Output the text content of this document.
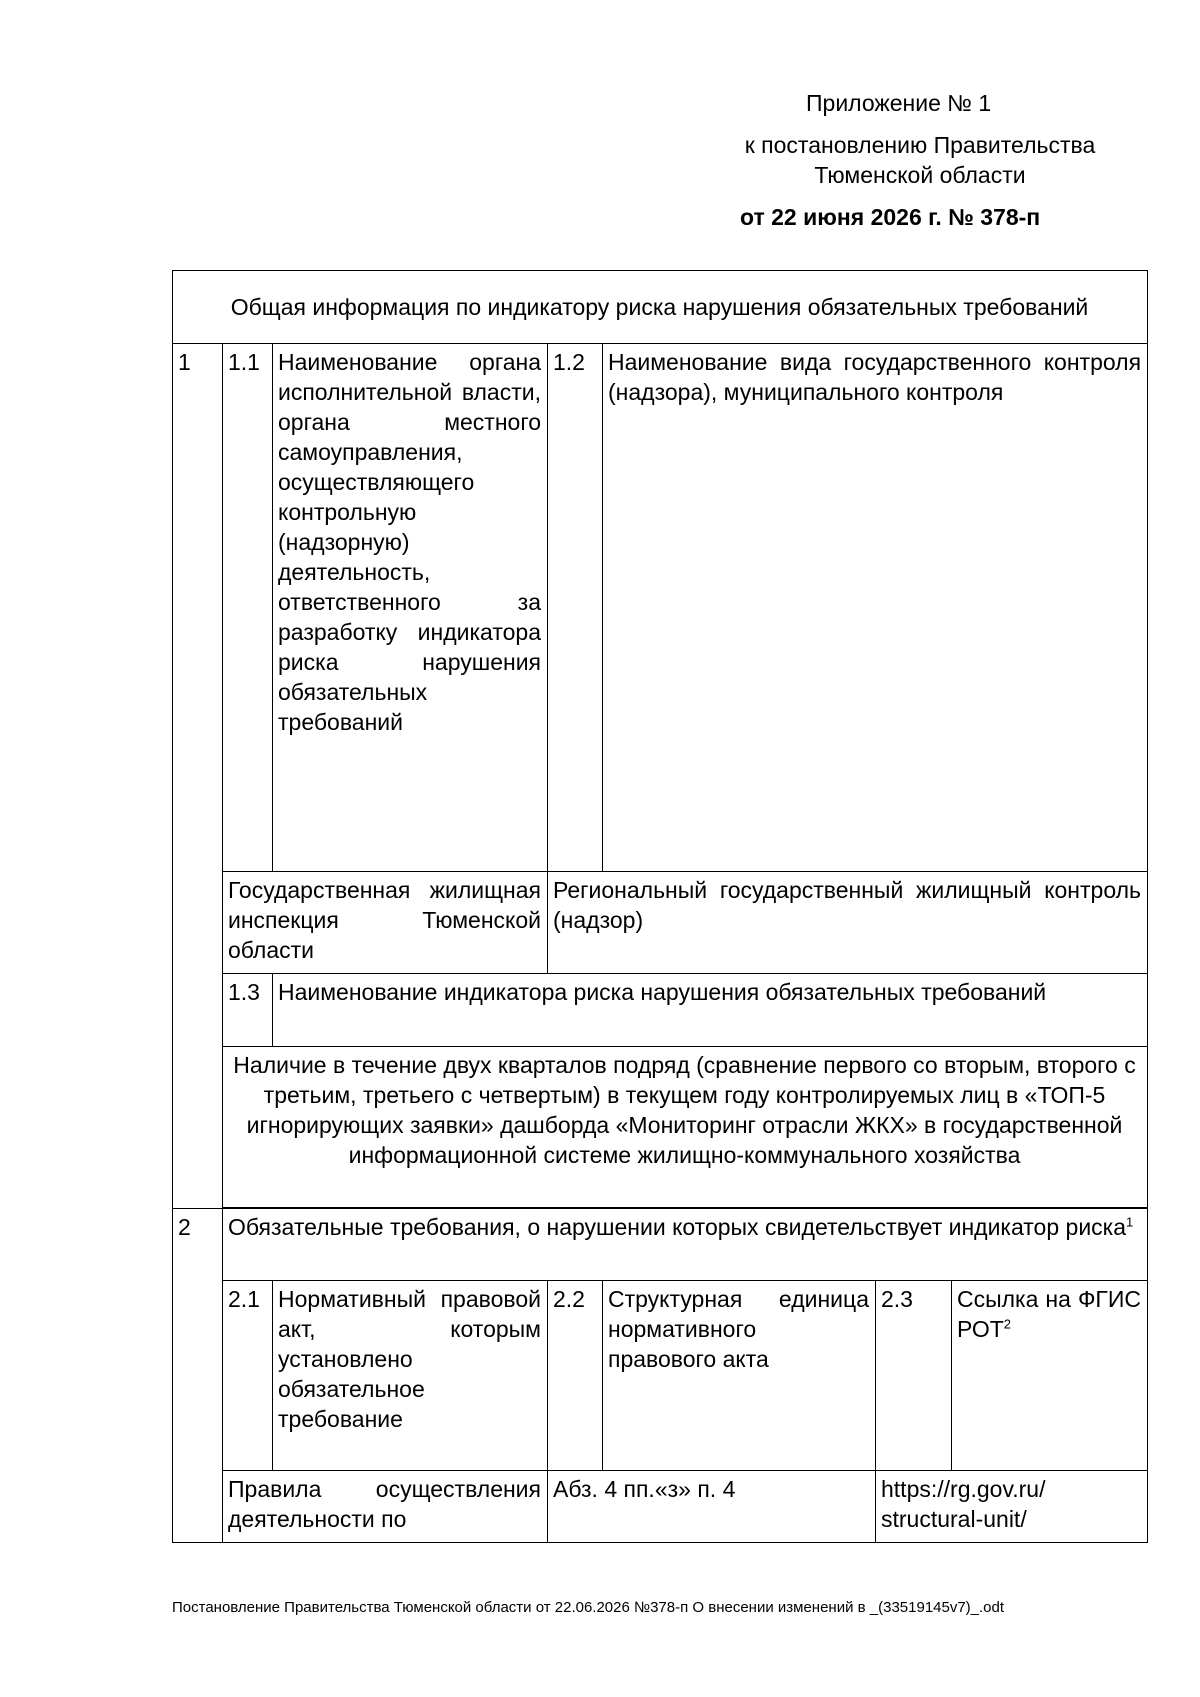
Приложение № 1
к постановлению Правительства
Тюменской области
от 22 июня 2026 г. № 378-п
Общая информация по индикатору риска нарушения обязательных требований						
1	1.1	Наименование органа исполнительной власти, органа местного самоуправления, осуществляющего контрольную (надзорную) деятельность, ответственного за разработку индикатора риска нарушения обязательных требований	1.2	Наименование вида государственного контроля (надзора), муниципального контроля		
	Государственная жилищная инспекция Тюменской области		Региональный государственный жилищный контроль (надзор)			
	1.3	Наименование индикатора риска нарушения обязательных требований				
	Наличие в течение двух кварталов подряд (сравнение первого со вторым, второго с третьим, третьего с четвертым) в текущем году контролируемых лиц в «ТОП-5 игнорирующих заявки» дашборда «Мониторинг отрасли ЖКХ» в государственной информационной системе жилищно-коммунального хозяйства					

2	Обязательные требования, о нарушении которых свидетельствует индикатор риска$^1$
	2.1	Нормативный правовой акт, которым установлено обязательное требование	2.2	Структурная единица нормативного правового акта	2.3	Ссылка на ФГИС РОТ$^2$
	Правила осуществления деятельности по		Абз. 4 пп.«з» п. 4		https://rg.gov.ru/ structural-unit/	
Постановление Правительства Тюменской области от 22.06.2026 №378-п О внесении изменений в _(33519145v7)_.odt
